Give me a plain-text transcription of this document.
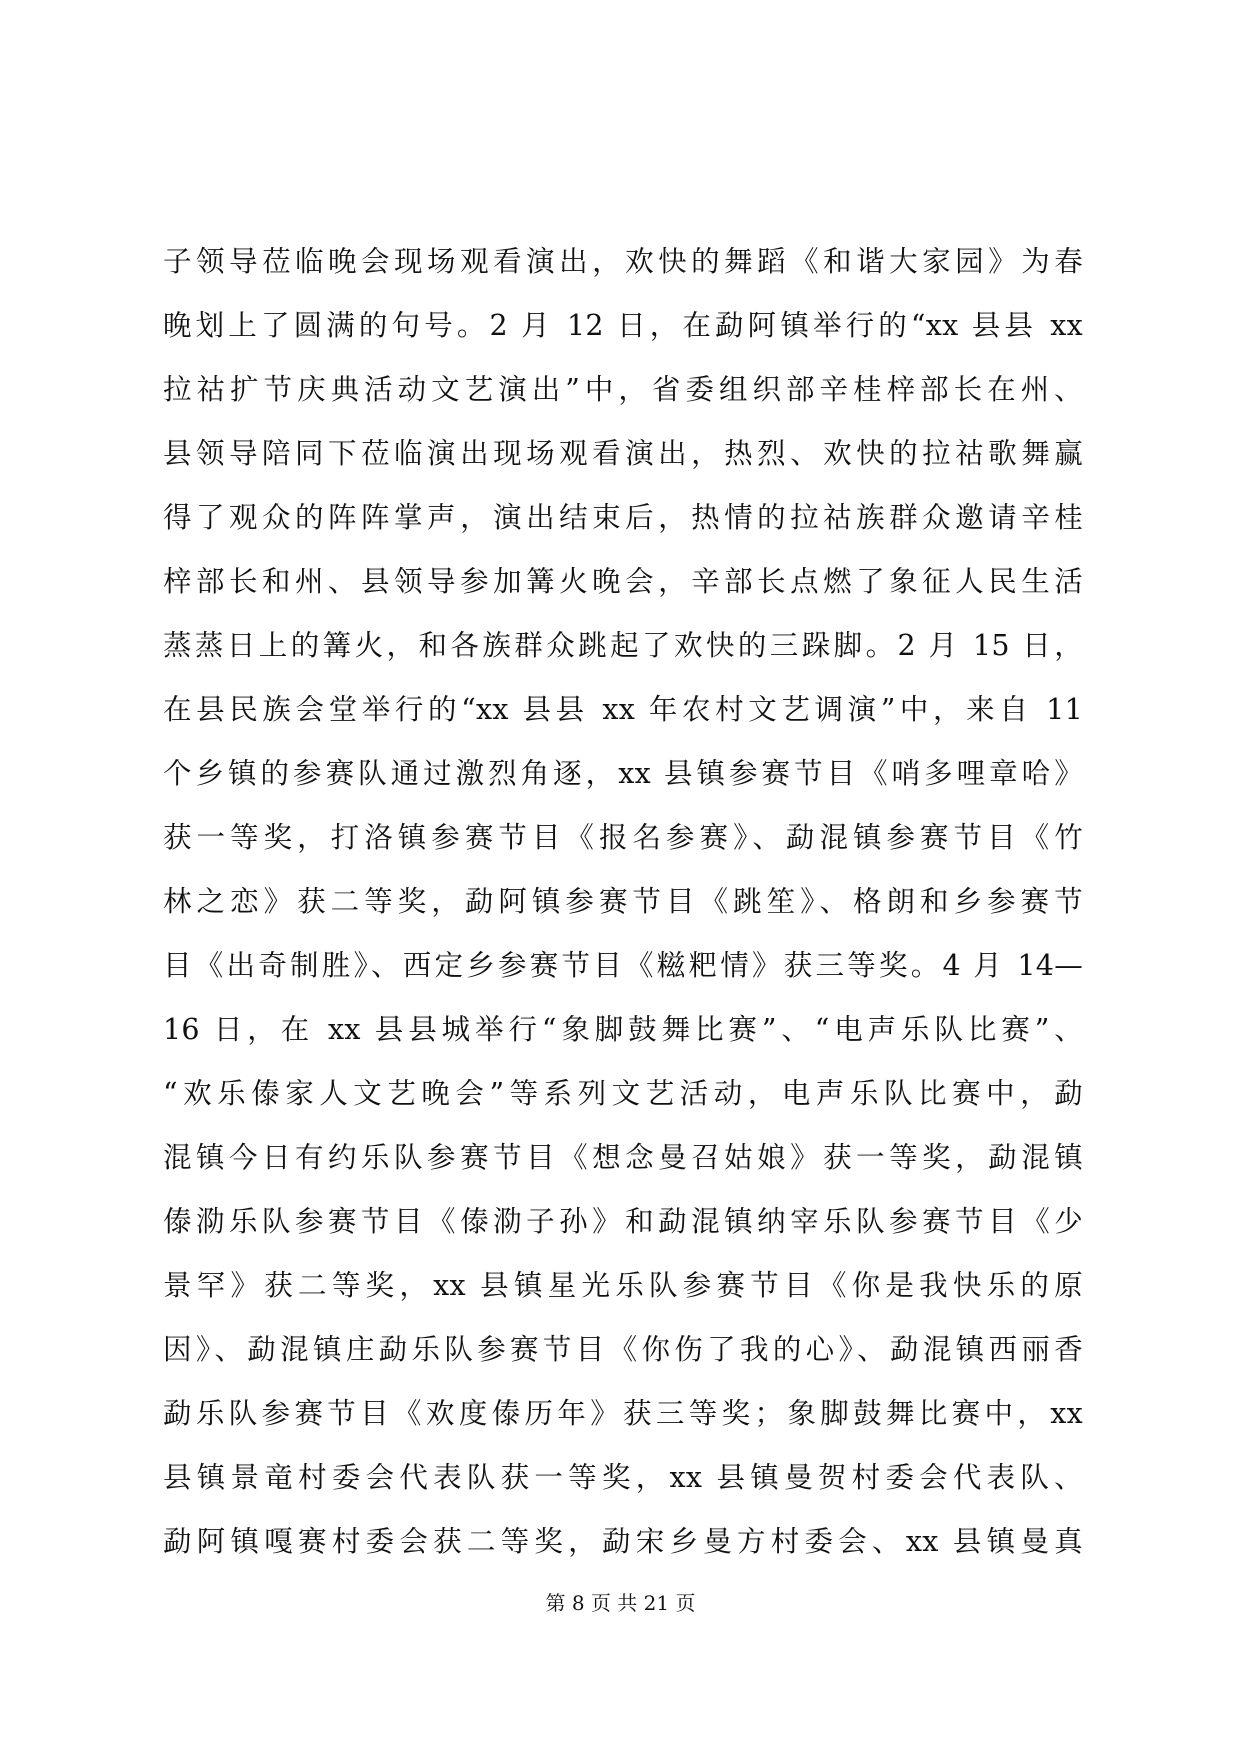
子领导莅临晚会现场观看演出，欢快的舞蹈《和谐大家园》为春
晚划上了圆满的句号。2 月 12 日，在勐阿镇举行的“xx 县县 xx
拉祜扩节庆典活动文艺演出”中，省委组织部辛桂梓部长在州、
县领导陪同下莅临演出现场观看演出，热烈、欢快的拉祜歌舞赢
得了观众的阵阵掌声，演出结束后，热情的拉祜族群众邀请辛桂
梓部长和州、县领导参加篝火晚会，辛部长点燃了象征人民生活
蒸蒸日上的篝火，和各族群众跳起了欢快的三跺脚。2 月 15 日，
在县民族会堂举行的“xx 县县 xx 年农村文艺调演”中，来自 11
个乡镇的参赛队通过激烈角逐，xx 县镇参赛节目《哨多哩章哈》
获一等奖，打洛镇参赛节目《报名参赛》、勐混镇参赛节目《竹
林之恋》获二等奖，勐阿镇参赛节目《跳笙》、格朗和乡参赛节
目《出奇制胜》、西定乡参赛节目《糍粑情》获三等奖。4 月 14—
16 日，在 xx 县县城举行“象脚鼓舞比赛”、“电声乐队比赛”、
“欢乐傣家人文艺晚会”等系列文艺活动，电声乐队比赛中，勐
混镇今日有约乐队参赛节目《想念曼召姑娘》获一等奖，勐混镇
傣泐乐队参赛节目《傣泐子孙》和勐混镇纳宰乐队参赛节目《少
景罕》获二等奖，xx 县镇星光乐队参赛节目《你是我快乐的原
因》、勐混镇庄勐乐队参赛节目《你伤了我的心》、勐混镇西丽香
勐乐队参赛节目《欢度傣历年》获三等奖；象脚鼓舞比赛中，xx
县镇景竜村委会代表队获一等奖，xx 县镇曼贺村委会代表队、
勐阿镇嘎赛村委会获二等奖，勐宋乡曼方村委会、xx 县镇曼真
第 8 页 共 21 页
